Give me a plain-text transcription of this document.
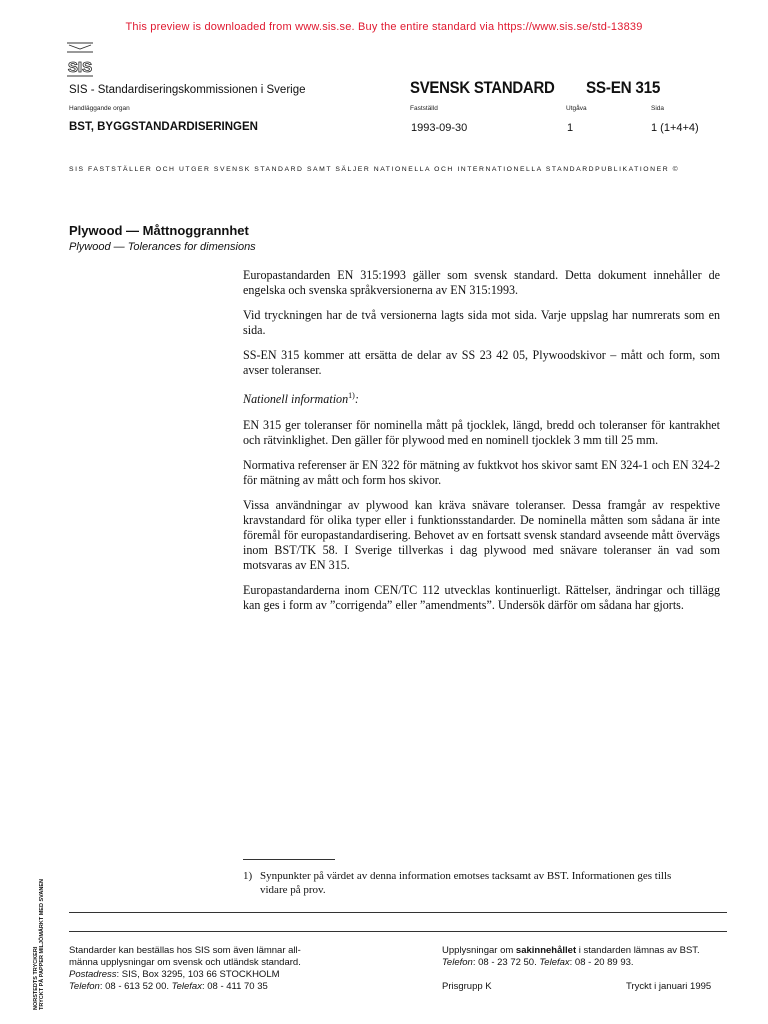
This preview is downloaded from www.sis.se. Buy the entire standard via https://www.sis.se/std-13839
SIS
SIS - Standardiseringskommissionen i Sverige	SVENSK STANDARD SS-EN 315
Handläggande organ	Fastställd	Utgåva	Sida
BST, BYGGSTANDARDISERINGEN	1993-09-30	1	1 (1+4+4)
SIS FASTSTÄLLER OCH UTGER SVENSK STANDARD SAMT SÄLJER NATIONELLA OCH INTERNATIONELLA STANDARDPUBLIKATIONER ©
Plywood — Måttnoggrannhet
Plywood — Tolerances for dimensions

Europastandarden EN 315:1993 gäller som svensk standard. Detta dokument innehåller de engelska och svenska språkversionerna av EN 315:1993.

Vid tryckningen har de två versionerna lagts sida mot sida. Varje uppslag har numrerats som en sida.

SS-EN 315 kommer att ersätta de delar av SS 23 42 05, Plywoodskivor – mått och form, som avser toleranser.

Nationell information$^{1)}$:

EN 315 ger toleranser för nominella mått på tjocklek, längd, bredd och toleranser för kantrakhet och rätvinklighet. Den gäller för plywood med en nominell tjocklek 3 mm till 25 mm.

Normativa referenser är EN 322 för mätning av fuktkvot hos skivor samt EN 324-1 och EN 324-2 för mätning av mått och form hos skivor.

Vissa användningar av plywood kan kräva snävare toleranser. Dessa framgår av respektive kravstandard för olika typer eller i funktionsstandarder. De nominella måtten som sådana är inte föremål för europastandardisering. Behovet av en fortsatt svensk standard avseende mått övervägs inom BST/TK 58. I Sverige tillverkas i dag plywood med snävare toleranser än vad som motsvaras av EN 315.

Europastandarderna inom CEN/TC 112 utvecklas kontinuerligt. Rättelser, ändringar och tillägg kan ges i form av ”corrigenda” eller ”amendments”. Undersök därför om sådana har gjorts.

1) Synpunkter på värdet av denna information emotses tacksamt av BST. Informationen ges tills
vidare på prov.
NORSTEDTS TRYCKERI TRYCKT PÅ PAPPER MILJÖMÄRKT MED SVANEN	Standarder kan beställas hos SIS som även lämnar all-
männa upplysningar om svensk och utländsk standard.
Postadress: SIS, Box 3295, 103 66 STOCKHOLM
Telefon: 08 - 613 52 00. Telefax: 08 - 411 70 35
Upplysningar om sakinnehållet i standarden lämnas av BST.
Telefon: 08 - 23 72 50. Telefax: 08 - 20 89 93.
Prisgrupp K	Tryckt i januari 1995
